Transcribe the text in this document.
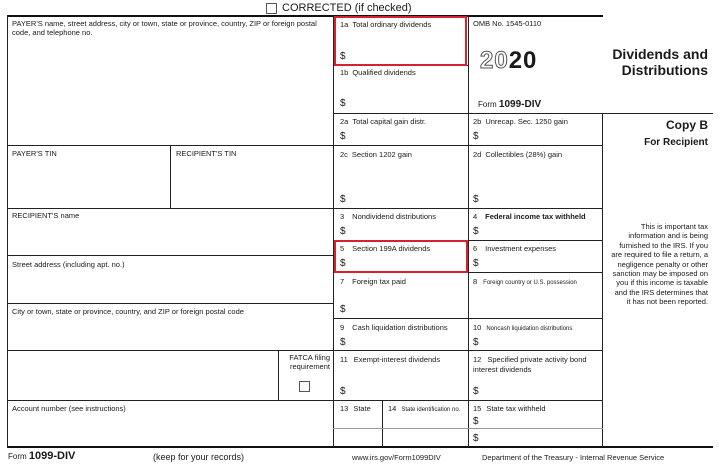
CORRECTED (if checked)
PAYER'S name, street address, city or town, state or province, country, ZIP or foreign postal code, and telephone no.
OMB No. 1545-0110
2020
Form 1099-DIV
Dividends and
Distributions
Copy B
For Recipient
This is important tax information and is being furnished to the IRS. If you are required to file a return, a negligence penalty or other sanction may be imposed on you if this income is taxable and the IRS determines that it has not been reported.
1a Total ordinary dividends
$
1b Qualified dividends
$
2a Total capital gain distr.
$
2b Unrecap. Sec. 1250 gain
$
PAYER'S TIN	RECIPIENT'S TIN	2c Section 1202 gain
$
2d Collectibles (28%) gain
$
RECIPIENT'S name	3 Nondividend distributions
$
4 Federal income tax withheld
$
5 Section 199A dividends
$
6 Investment expenses
$
Street address (including apt. no.)
7 Foreign tax paid
$
8 Foreign country or U.S. possession
City or town, state or province, country, and ZIP or foreign postal code
9 Cash liquidation distributions
$
10 Noncash liquidation distributions
$
FATCA filing requirement
11 Exempt-interest dividends
$
12 Specified private activity bond interest dividends
$
Account number (see instructions)	13 State 14 State identification no. 15 State tax withheld
$
$
Form 1099-DIV	(keep for your records)	www.irs.gov/Form1099DIV	Department of the Treasury - Internal Revenue Service
